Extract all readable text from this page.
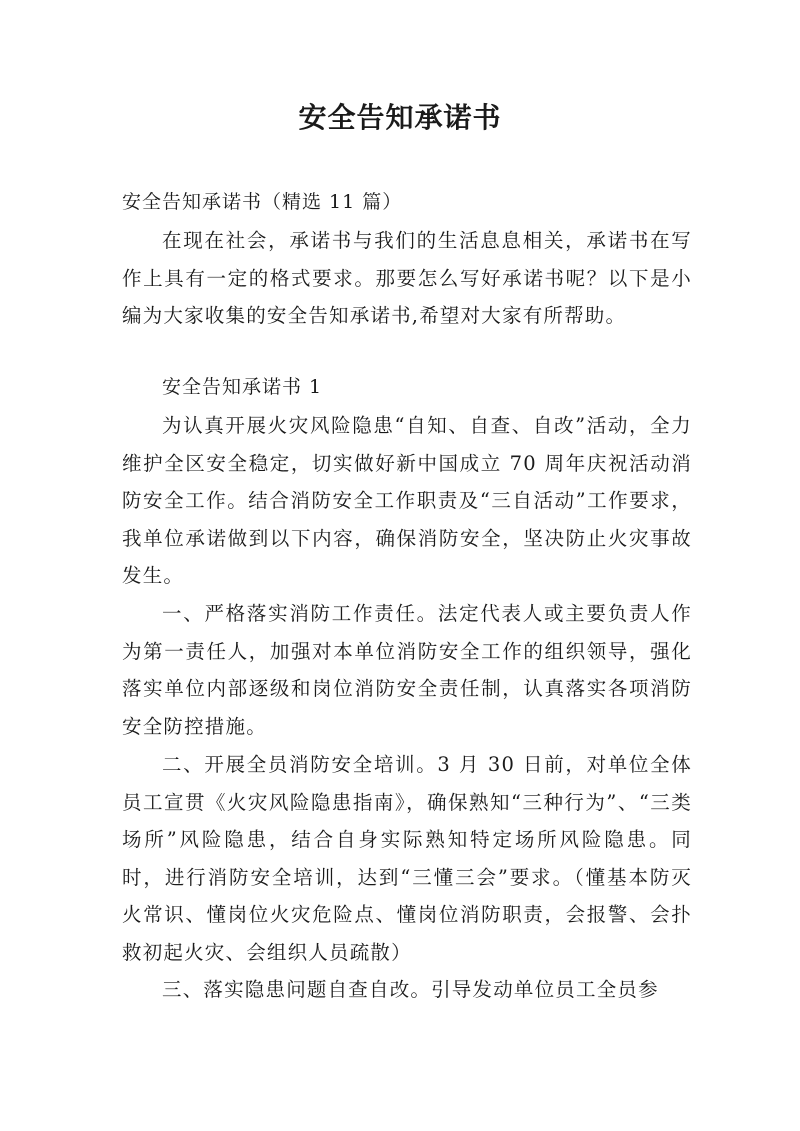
安全告知承诺书

安全告知承诺书（精选 11 篇）

在现在社会，承诺书与我们的生活息息相关，承诺书在写作上具有一定的格式要求。那要怎么写好承诺书呢？以下是小编为大家收集的安全告知承诺书,希望对大家有所帮助。

安全告知承诺书 1

为认真开展火灾风险隐患“自知、自查、自改”活动，全力维护全区安全稳定，切实做好新中国成立 70 周年庆祝活动消防安全工作。结合消防安全工作职责及“三自活动”工作要求，我单位承诺做到以下内容，确保消防安全，坚决防止火灾事故发生。

一、严格落实消防工作责任。法定代表人或主要负责人作为第一责任人，加强对本单位消防安全工作的组织领导，强化落实单位内部逐级和岗位消防安全责任制，认真落实各项消防安全防控措施。

二、开展全员消防安全培训。3 月 30 日前，对单位全体员工宣贯《火灾风险隐患指南》，确保熟知“三种行为”、“三类场所”风险隐患，结合自身实际熟知特定场所风险隐患。同时，进行消防安全培训，达到“三懂三会”要求。（懂基本防灭火常识、懂岗位火灾危险点、懂岗位消防职责，会报警、会扑救初起火灾、会组织人员疏散）

三、落实隐患问题自查自改。引导发动单位员工全员参
